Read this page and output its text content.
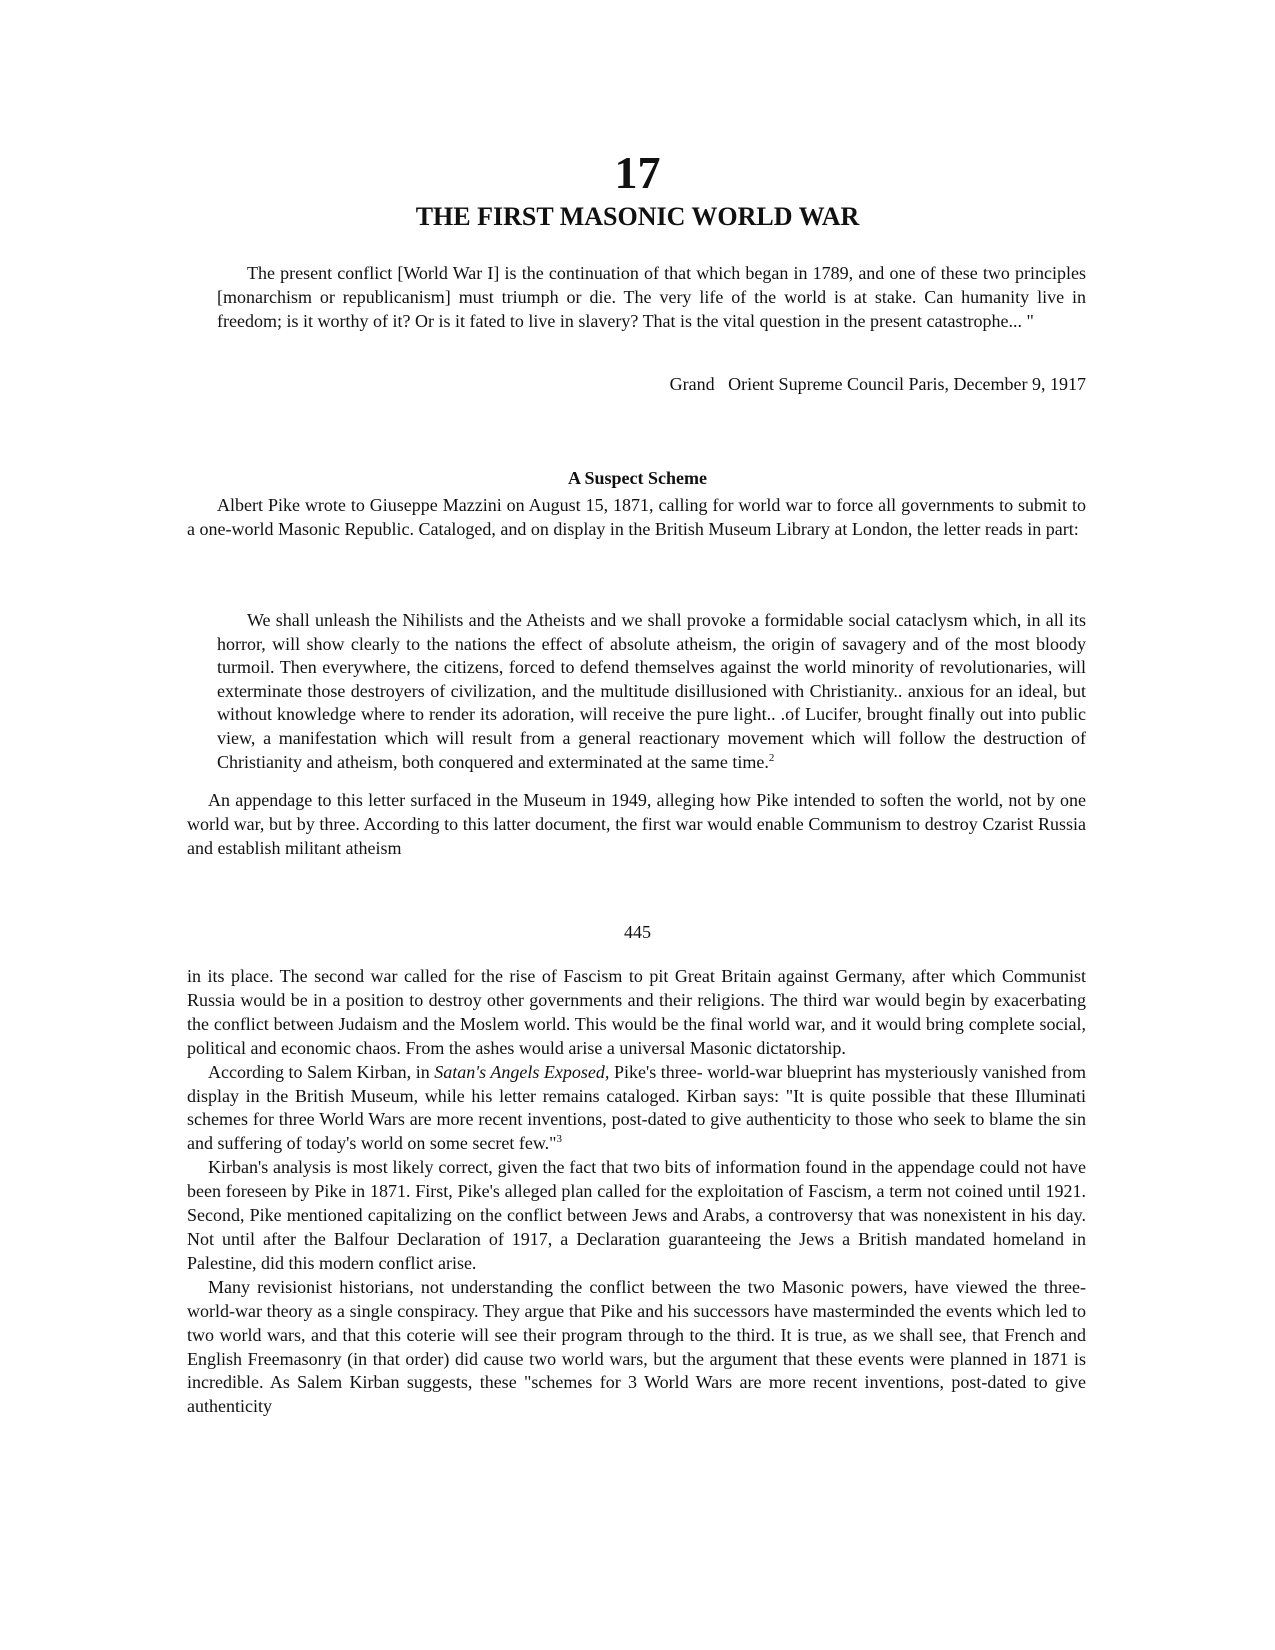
17
THE FIRST MASONIC WORLD WAR

The present conflict [World War I] is the continuation of that which began in 1789, and one of these two principles [monarchism or republicanism] must triumph or die. The very life of the world is at stake. Can humanity live in freedom; is it worthy of it? Or is it fated to live in slavery? That is the vital question in the present catastrophe... "

Grand   Orient Supreme Council Paris, December 9, 1917
A Suspect Scheme

Albert Pike wrote to Giuseppe Mazzini on August 15, 1871, calling for world war to force all governments to submit to a one-world Masonic Republic. Cataloged, and on display in the British Museum Library at London, the letter reads in part:

We shall unleash the Nihilists and the Atheists and we shall provoke a formidable social cataclysm which, in all its horror, will show clearly to the nations the effect of absolute atheism, the origin of savagery and of the most bloody turmoil. Then everywhere, the citizens, forced to defend themselves against the world minority of revolutionaries, will exterminate those destroyers of civilization, and the multitude disillusioned with Christianity.. anxious for an ideal, but without knowledge where to render its adoration, will receive the pure light.. .of Lucifer, brought finally out into public view, a manifestation which will result from a general reactionary movement which will follow the destruction of Christianity and atheism, both conquered and exterminated at the same time.$^2$

An appendage to this letter surfaced in the Museum in 1949, alleging how Pike intended to soften the world, not by one world war, but by three. According to this latter document, the first war would enable Communism to destroy Czarist Russia and establish militant atheism

445

in its place. The second war called for the rise of Fascism to pit Great Britain against Germany, after which Communist Russia would be in a position to destroy other governments and their religions. The third war would begin by exacerbating the conflict between Judaism and the Moslem world. This would be the final world war, and it would bring complete social, political and economic chaos. From the ashes would arise a universal Masonic dictatorship.

According to Salem Kirban, in Satan's Angels Exposed, Pike's three- world-war blueprint has mysteriously vanished from display in the British Museum, while his letter remains cataloged. Kirban says: "It is quite possible that these Illuminati schemes for three World Wars are more recent inventions, post-dated to give authenticity to those who seek to blame the sin and suffering of today's world on some secret few."$^3$

Kirban's analysis is most likely correct, given the fact that two bits of information found in the appendage could not have been foreseen by Pike in 1871. First, Pike's alleged plan called for the exploitation of Fascism, a term not coined until 1921. Second, Pike mentioned capitalizing on the conflict between Jews and Arabs, a controversy that was nonexistent in his day. Not until after the Balfour Declaration of 1917, a Declaration guaranteeing the Jews a British mandated homeland in Palestine, did this modern conflict arise.

Many revisionist historians, not understanding the conflict between the two Masonic powers, have viewed the three-world-war theory as a single conspiracy. They argue that Pike and his successors have masterminded the events which led to two world wars, and that this coterie will see their program through to the third. It is true, as we shall see, that French and English Freemasonry (in that order) did cause two world wars, but the argument that these events were planned in 1871 is incredible. As Salem Kirban suggests, these "schemes for 3 World Wars are more recent inventions, post-dated to give authenticity
